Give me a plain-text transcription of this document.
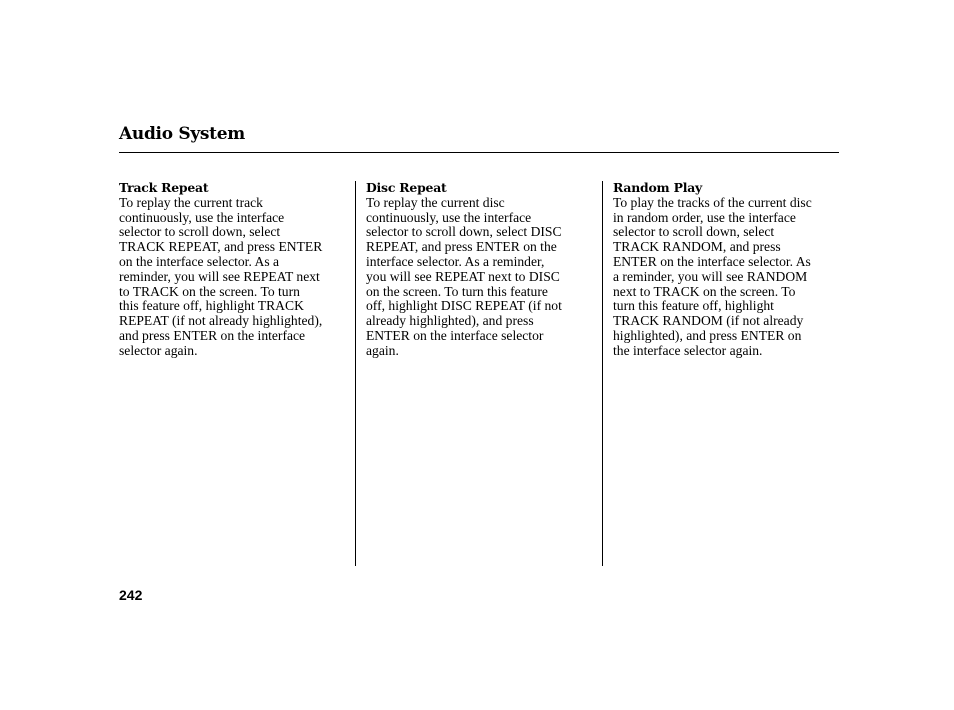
Audio System
Track Repeat
To replay the current track
continuously, use the interface
selector to scroll down, select
TRACK REPEAT, and press ENTER
on the interface selector. As a
reminder, you will see REPEAT next
to TRACK on the screen. To turn
this feature off, highlight TRACK
REPEAT (if not already highlighted),
and press ENTER on the interface
selector again.
Disc Repeat
To replay the current disc
continuously, use the interface
selector to scroll down, select DISC
REPEAT, and press ENTER on the
interface selector. As a reminder,
you will see REPEAT next to DISC
on the screen. To turn this feature
off, highlight DISC REPEAT (if not
already highlighted), and press
ENTER on the interface selector
again.
Random Play
To play the tracks of the current disc
in random order, use the interface
selector to scroll down, select
TRACK RANDOM, and press
ENTER on the interface selector. As
a reminder, you will see RANDOM
next to TRACK on the screen. To
turn this feature off, highlight
TRACK RANDOM (if not already
highlighted), and press ENTER on
the interface selector again.
242
